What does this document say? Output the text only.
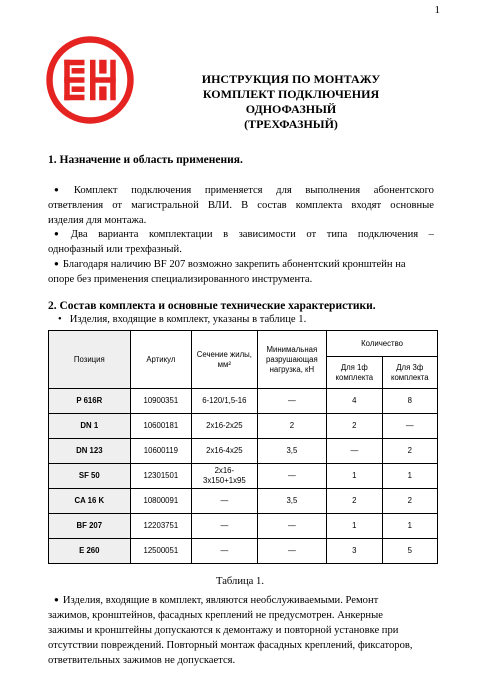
1
ИНСТРУКЦИЯ ПО МОНТАЖУ
КОМПЛЕКТ ПОДКЛЮЧЕНИЯ
ОДНОФАЗНЫЙ
(ТРЕХФАЗНЫЙ)
1. Назначение и область применения.
● Комплект подключения применяется для выполнения абонентского
ответвления от магистральной ВЛИ. В состав комплекта входят основные
изделия для монтажа.
● Два варианта комплектации в зависимости от типа подключения –
однофазный или трехфазный.
● Благодаря наличию BF 207 возможно закрепить абонентский кронштейн на
опоре без применения специализированного инструмента.
2. Состав комплекта и основные технические характеристики.
• Изделия, входящие в комплект, указаны в таблице 1.
Позиция	Артикул	Сечение жилы, мм²	Минимальная разрушающая нагрузка, кН	Количество	
				Для 1ф комплекта	Для 3ф комплекта
P 616R	10900351	6-120/1,5-16	—	4	8
DN 1	10600181	2x16-2x25	2	2	—
DN 123	10600119	2x16-4x25	3,5	—	2
SF 50	12301501	2x16-
3x150+1x95	—	1	1
CA 16 K	10800091	—	3,5	2	2
BF 207	12203751	—	—	1	1
E 260	12500051	—	—	3	5
Таблица 1.
● Изделия, входящие в комплект, являются необслуживаемыми. Ремонт
зажимов, кронштейнов, фасадных креплений не предусмотрен. Анкерные
зажимы и кронштейны допускаются к демонтажу и повторной установке при
отсутствии повреждений. Повторный монтаж фасадных креплений, фиксаторов,
ответвительных зажимов не допускается.
